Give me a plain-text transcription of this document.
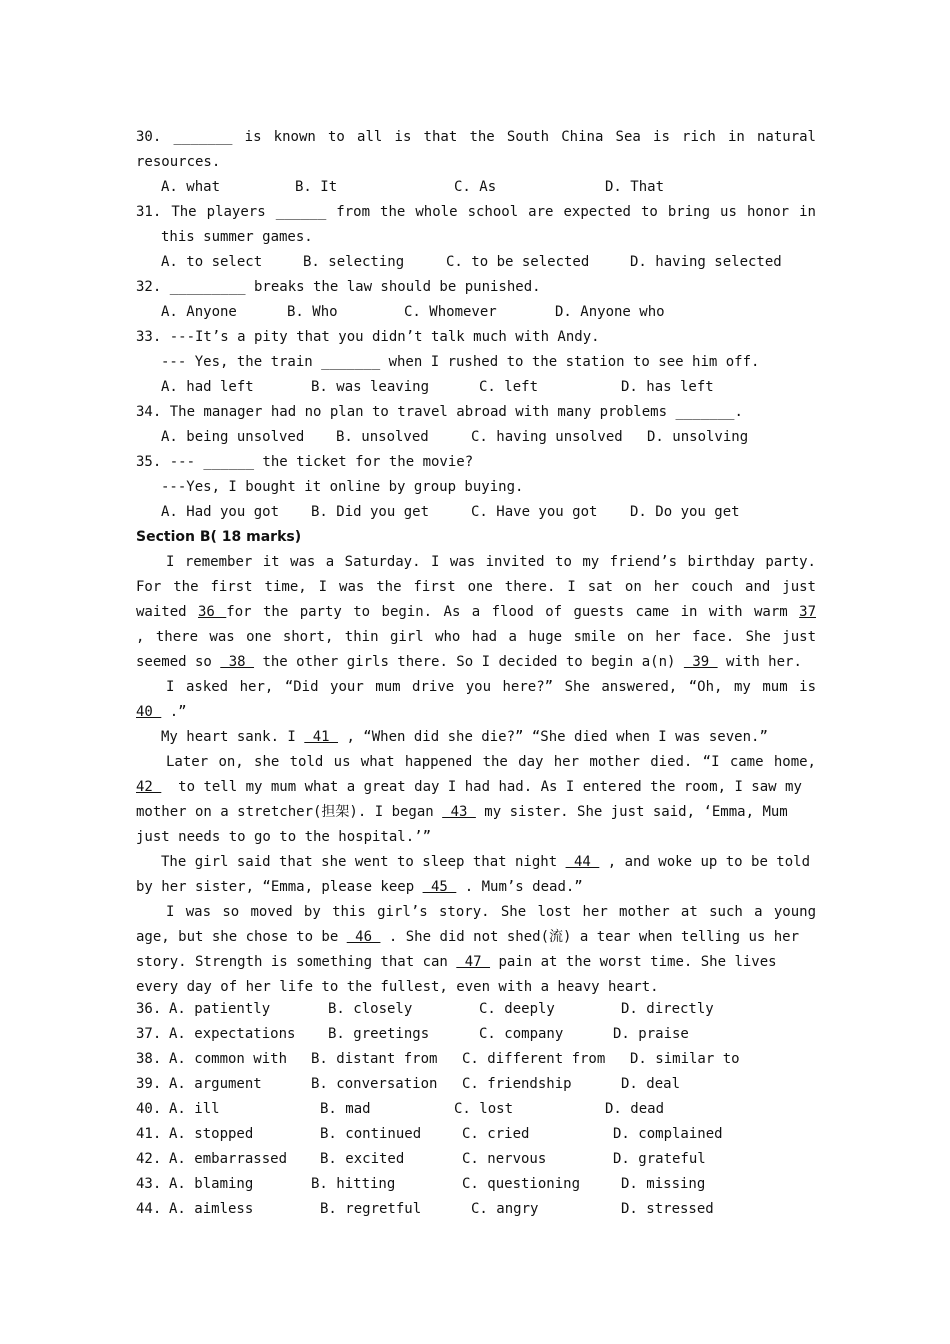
30. _______ is known to all is that the South China Sea is rich in natural
resources.
A. what	B. It	C. As	D. That
31. The players ______ from the whole school are expected to bring us honor in
this summer games.
A. to select	B. selecting	C. to be selected	D. having selected
32. _________ breaks the law should be punished.
A. Anyone	B. Who	C. Whomever	D. Anyone who
33. ---It’s a pity that you didn’t talk much with Andy.
--- Yes, the train _______ when I rushed to the station to see him off.
A. had left	B. was leaving	C. left	D. has left
34. The manager had no plan to travel abroad with many problems _______.
A. being unsolved B. unsolved	C. having unsolved D. unsolving
35. --- ______ the ticket for the movie?
---Yes, I bought it online by group buying.
A. Had you got B. Did you get	C. Have you got D. Do you get
Section B( 18 marks)
I remember it was a Saturday. I was invited to my friend’s birthday party.
For the first time, I was the first one there. I sat on her couch and just
waited 36 for the party to begin. As a flood of guests came in with warm 37
, there was one short, thin girl who had a huge smile on her face. She just
seemed so  38  the other girls there. So I decided to begin a(n)  39  with her.
I asked her, “Did your mum drive you here?” She answered, “Oh, my mum is
40  .”
My heart sank. I  41  , “When did she die?” “She died when I was seven.”
Later on, she told us what happened the day her mother died. “I came home,
42   to tell my mum what a great day I had had. As I entered the room, I saw my
mother on a stretcher(担架). I began  43  my sister. She just said, ‘Emma, Mum
just needs to go to the hospital.’”
The girl said that she went to sleep that night  44  , and woke up to be told
by her sister, “Emma, please keep  45  . Mum’s dead.”
I was so moved by this girl’s story. She lost her mother at such a young
age, but she chose to be  46  . She did not shed(流) a tear when telling us her
story. Strength is something that can  47  pain at the worst time. She lives
every day of her life to the fullest, even with a heavy heart.
36. A. patiently	B. closely	C. deeply	D. directly
37. A. expectations B. greetings	C. company	D. praise
38. A. common with B. distant from C. different from D. similar to
39. A. argument	B. conversation C. friendship	D. deal
40. A. ill	B. mad	C. lost	D. dead
41. A. stopped	B. continued	C. cried	D. complained
42. A. embarrassed B. excited	C. nervous	D. grateful
43. A. blaming	B. hitting	C. questioning	D. missing
44. A. aimless	B. regretful	C. angry	D. stressed
